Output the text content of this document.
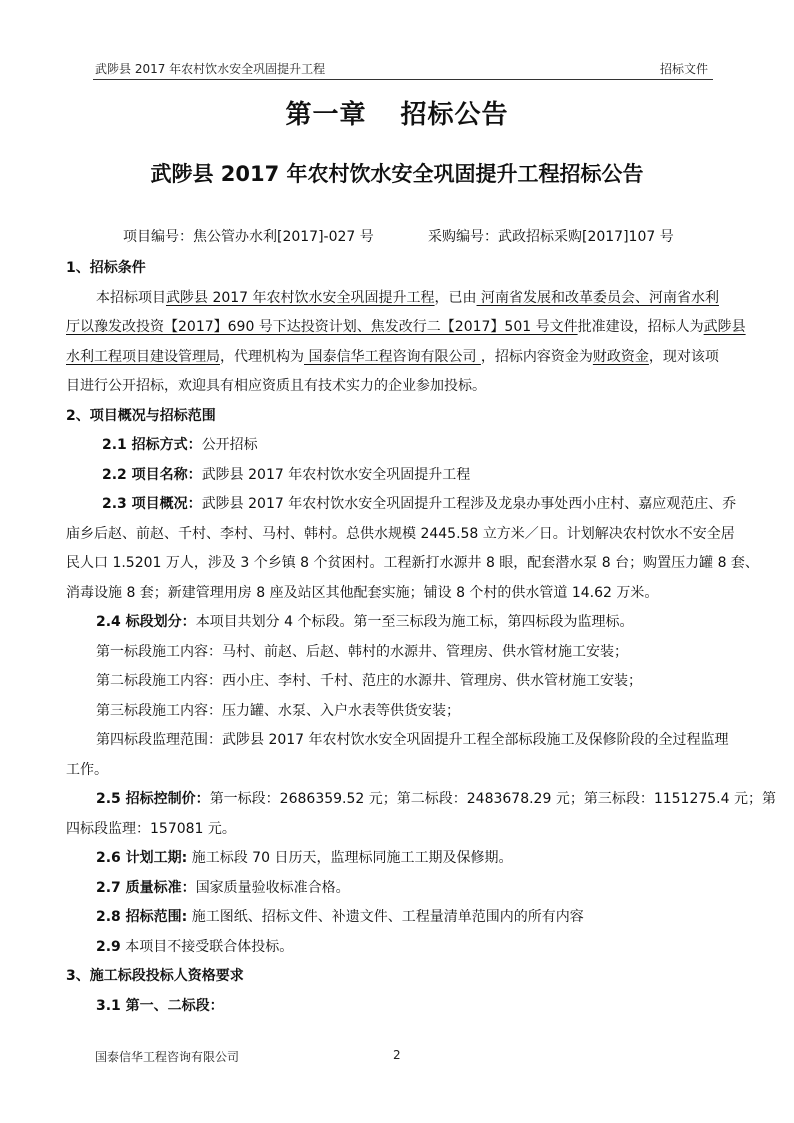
武陟县 2017 年农村饮水安全巩固提升工程	招标文件
第一章 招标公告
武陟县 2017 年农村饮水安全巩固提升工程招标公告
项目编号：焦公管办水利[2017]-027 号	采购编号：武政招标采购[2017]107 号
1、招标条件
本招标项目武陟县 2017 年农村饮水安全巩固提升工程，已由 河南省发展和改革委员会、河南省水利
厅以豫发改投资【2017】690 号下达投资计划、焦发改行二【2017】501 号文件批准建设，招标人为武陟县
水利工程项目建设管理局，代理机构为 国泰信华工程咨询有限公司 ，招标内容资金为财政资金，现对该项
目进行公开招标，欢迎具有相应资质且有技术实力的企业参加投标。
2、项目概况与招标范围
2.1 招标方式：公开招标
2.2 项目名称：武陟县 2017 年农村饮水安全巩固提升工程
2.3 项目概况：武陟县 2017 年农村饮水安全巩固提升工程涉及龙泉办事处西小庄村、嘉应观范庄、乔
庙乡后赵、前赵、千村、李村、马村、韩村。总供水规模 2445.58 立方米／日。计划解决农村饮水不安全居
民人口 1.5201 万人，涉及 3 个乡镇 8 个贫困村。工程新打水源井 8 眼，配套潜水泵 8 台；购置压力罐 8 套、
消毒设施 8 套；新建管理用房 8 座及站区其他配套实施；铺设 8 个村的供水管道 14.62 万米。
2.4 标段划分：本项目共划分 4 个标段。第一至三标段为施工标，第四标段为监理标。
第一标段施工内容：马村、前赵、后赵、韩村的水源井、管理房、供水管材施工安装；
第二标段施工内容：西小庄、李村、千村、范庄的水源井、管理房、供水管材施工安装；
第三标段施工内容：压力罐、水泵、入户水表等供货安装；
第四标段监理范围：武陟县 2017 年农村饮水安全巩固提升工程全部标段施工及保修阶段的全过程监理
工作。
2.5 招标控制价：第一标段：2686359.52 元；第二标段：2483678.29 元；第三标段：1151275.4 元；第
四标段监理：157081 元。
2.6 计划工期: 施工标段 70 日历天，监理标同施工工期及保修期。
2.7 质量标准：国家质量验收标准合格。
2.8 招标范围: 施工图纸、招标文件、补遗文件、工程量清单范围内的所有内容
2.9 本项目不接受联合体投标。
3、施工标段投标人资格要求
3.1 第一、二标段：
国泰信华工程咨询有限公司	2
